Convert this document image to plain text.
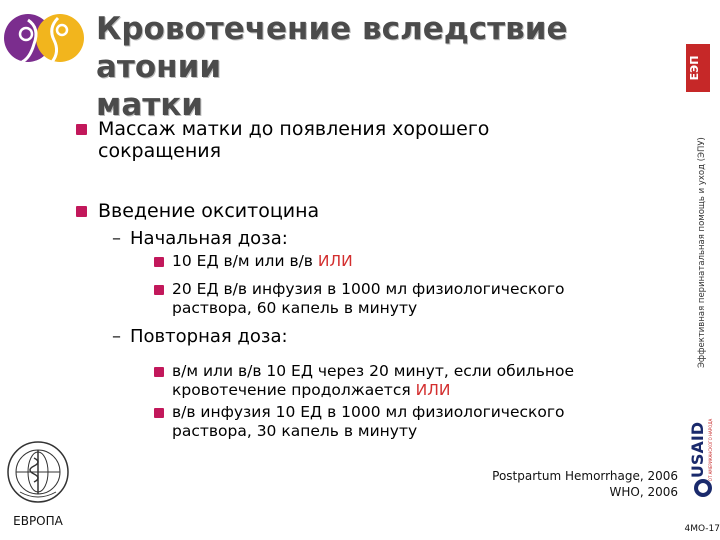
Кровотечение вследствие атонии
матки
ЕЭП
Эффективная перинатальная помощь и уход (ЭПУ)
USAID ОТ АМЕРИКАНСКОГО НАРОДА
Массаж матки до появления хорошего
сокращения
Введение окситоцина
– Начальная доза:
10 ЕД в/м или в/в ИЛИ
20 ЕД в/в инфузия в 1000 мл физиологического
раствора, 60 капель в минуту
– Повторная доза:
в/м или в/в 10 ЕД через 20 минут, если обильное
кровотечение продолжается ИЛИ
в/в инфузия 10 ЕД в 1000 мл физиологического
раствора, 30 капель в минуту
Postpartum Hemorrhage, 2006
WHO, 2006
ЕВРОПА
4MO-17
